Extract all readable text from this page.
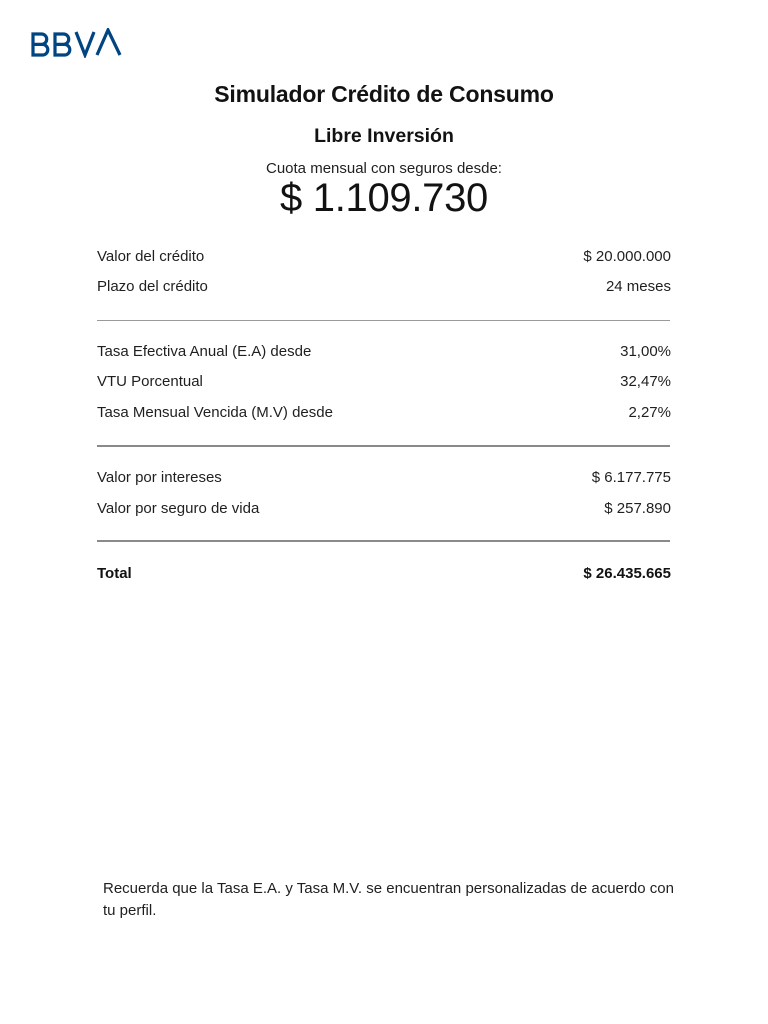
Simulador Crédito de Consumo
Libre Inversión
Cuota mensual con seguros desde:
$ 1.109.730
Valor del crédito	$ 20.000.000
Plazo del crédito	24 meses
Tasa Efectiva Anual (E.A) desde	31,00%
VTU Porcentual	32,47%
Tasa Mensual Vencida (M.V) desde	2,27%
Valor por intereses	$ 6.177.775
Valor por seguro de vida	$ 257.890
Total	$ 26.435.665
Recuerda que la Tasa E.A. y Tasa M.V. se encuentran personalizadas de acuerdo con tu perfil.
